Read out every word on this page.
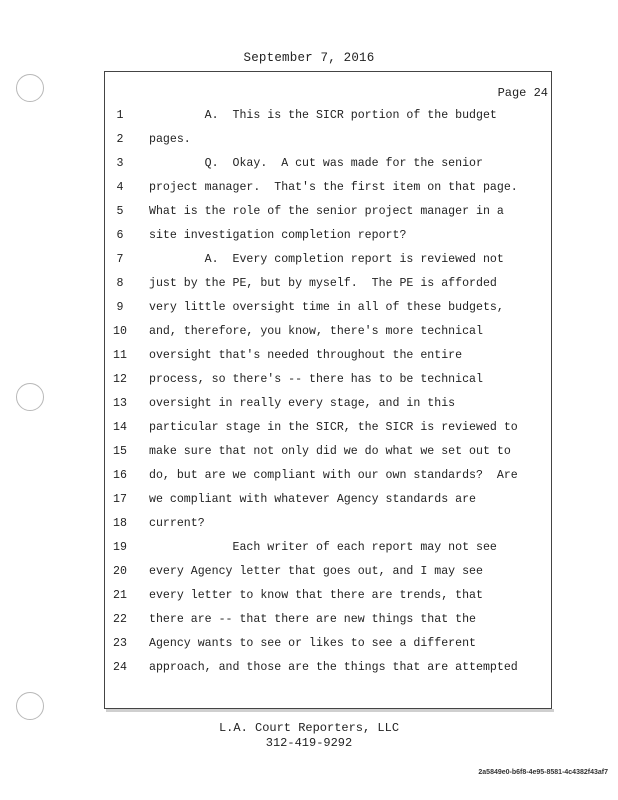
September 7, 2016
Page 24
1	A.  This is the SICR portion of the budget
2	pages.
3	Q.  Okay.  A cut was made for the senior
4	project manager.  That's the first item on that page.
5	What is the role of the senior project manager in a
6	site investigation completion report?
7	A.  Every completion report is reviewed not
8	just by the PE, but by myself.  The PE is afforded
9	very little oversight time in all of these budgets,
10	and, therefore, you know, there's more technical
11	oversight that's needed throughout the entire
12	process, so there's -- there has to be technical
13	oversight in really every stage, and in this
14	particular stage in the SICR, the SICR is reviewed to
15	make sure that not only did we do what we set out to
16	do, but are we compliant with our own standards?  Are
17	we compliant with whatever Agency standards are
18	current?
19	Each writer of each report may not see
20	every Agency letter that goes out, and I may see
21	every letter to know that there are trends, that
22	there are -- that there are new things that the
23	Agency wants to see or likes to see a different
24	approach, and those are the things that are attempted
L.A. Court Reporters, LLC
312-419-9292
2a5849e0-b6f8-4e95-8581-4c4382f43af7
